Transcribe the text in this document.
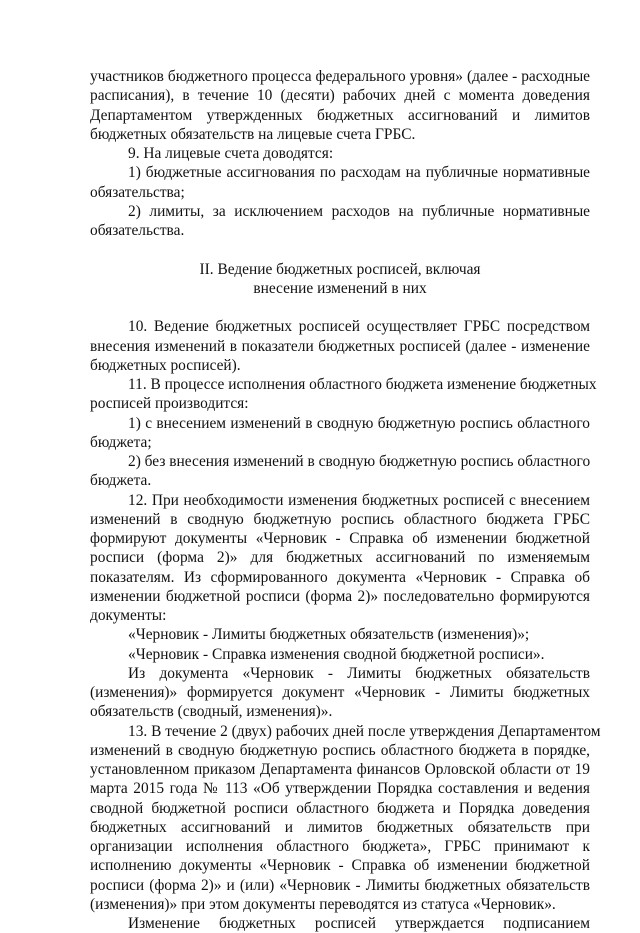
участников бюджетного процесса федерального уровня» (далее - расходные
расписания), в течение 10 (десяти) рабочих дней с момента доведения
Департаментом утвержденных бюджетных ассигнований и лимитов
бюджетных обязательств на лицевые счета ГРБС.
9. На лицевые счета доводятся:
1) бюджетные ассигнования по расходам на публичные нормативные
обязательства;
2) лимиты, за исключением расходов на публичные нормативные
обязательства.
II. Ведение бюджетных росписей, включая
внесение изменений в них
10. Ведение бюджетных росписей осуществляет ГРБС посредством
внесения изменений в показатели бюджетных росписей (далее - изменение
бюджетных росписей).
11. В процессе исполнения областного бюджета изменение бюджетных
росписей производится:
1) с внесением изменений в сводную бюджетную роспись областного
бюджета;
2) без внесения изменений в сводную бюджетную роспись областного
бюджета.
12. При необходимости изменения бюджетных росписей с внесением
изменений в сводную бюджетную роспись областного бюджета ГРБС
формируют документы «Черновик - Справка об изменении бюджетной
росписи (форма 2)» для бюджетных ассигнований по изменяемым
показателям. Из сформированного документа «Черновик - Справка об
изменении бюджетной росписи (форма 2)» последовательно формируются
документы:
«Черновик - Лимиты бюджетных обязательств (изменения)»;
«Черновик - Справка изменения сводной бюджетной росписи».
Из документа «Черновик - Лимиты бюджетных обязательств
(изменения)» формируется документ «Черновик - Лимиты бюджетных
обязательств (сводный, изменения)».
13. В течение 2 (двух) рабочих дней после утверждения Департаментом
изменений в сводную бюджетную роспись областного бюджета в порядке,
установленном приказом Департамента финансов Орловской области от 19
марта 2015 года № 113 «Об утверждении Порядка составления и ведения
сводной бюджетной росписи областного бюджета и Порядка доведения
бюджетных ассигнований и лимитов бюджетных обязательств при
организации исполнения областного бюджета», ГРБС принимают к
исполнению документы «Черновик - Справка об изменении бюджетной
росписи (форма 2)» и (или) «Черновик - Лимиты бюджетных обязательств
(изменения)» при этом документы переводятся из статуса «Черновик».
Изменение бюджетных росписей утверждается подписанием
